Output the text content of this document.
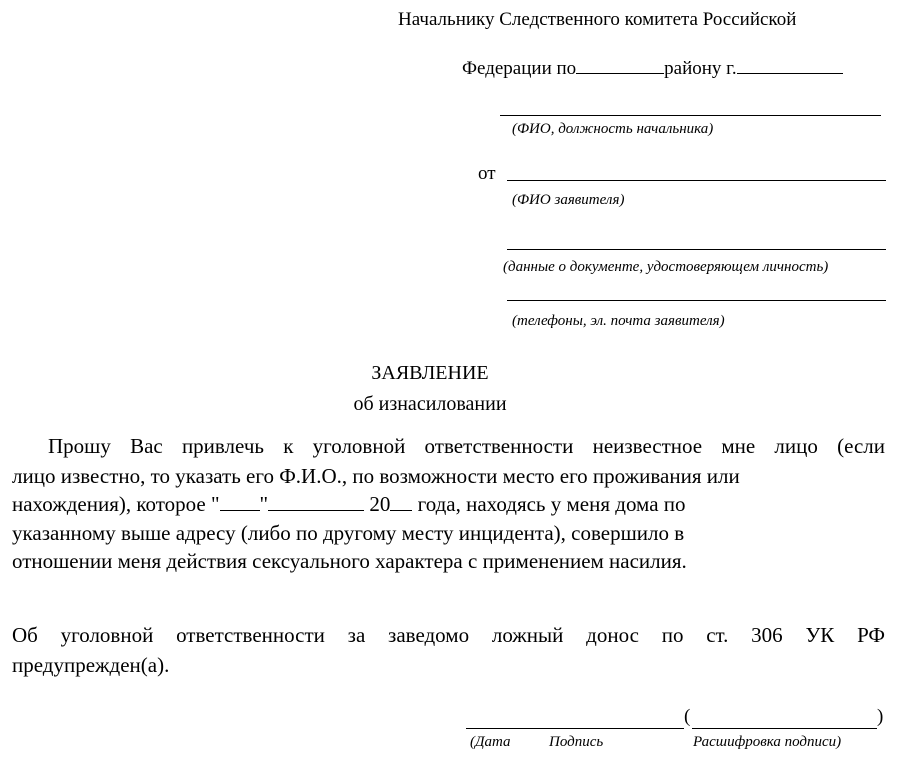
Начальнику Следственного комитета Российской
Федерации по	району г.
(ФИО, должность начальника)
от
(ФИО заявителя)
(данные о документе, удостоверяющем личность)
(телефоны, эл. почта заявителя)
ЗАЯВЛЕНИЕ
об изнасиловании
Прошу Вас привлечь к уголовной ответственности неизвестное мне лицо (если
лицо известно, то указать его Ф.И.О., по возможности место его проживания или
нахождения), которое " "	20 года, находясь у меня дома по
указанному выше адресу (либо по другому месту инцидента), совершило в
отношении меня действия сексуального характера с применением насилия.
Об уголовной ответственности за заведомо ложный донос по ст. 306 УК РФ
предупрежден(а).
(	)
(Дата	Подпись	Расшифровка подписи)
